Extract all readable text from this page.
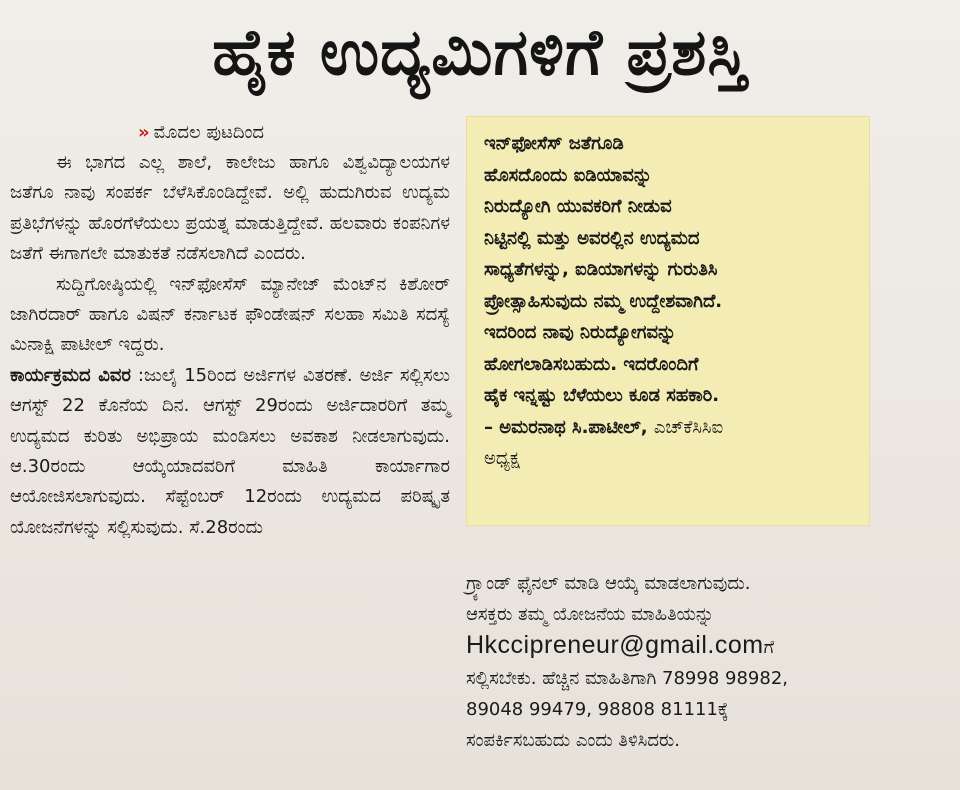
ಹೈಕ ಉದ್ಯಮಿಗಳಿಗೆ ಪ್ರಶಸ್ತಿ
» ಮೊದಲ ಪುಟದಿಂದ

ಈ ಭಾಗದ ಎಲ್ಲ ಶಾಲೆ, ಕಾಲೇಜು ಹಾಗೂ ವಿಶ್ವವಿದ್ಯಾಲಯಗಳ ಜತೆಗೂ ನಾವು ಸಂಪರ್ಕ ಬೆಳೆಸಿಕೊಂಡಿದ್ದೇವೆ. ಅಲ್ಲಿ ಹುದುಗಿರುವ ಉದ್ಯಮ ಪ್ರತಿಭೆಗಳನ್ನು ಹೊರಗೆಳೆಯಲು ಪ್ರಯತ್ನ ಮಾಡುತ್ತಿದ್ದೇವೆ. ಹಲವಾರು ಕಂಪನಿಗಳ ಜತೆಗೆ ಈಗಾಗಲೇ ಮಾತುಕತೆ ನಡೆಸಲಾಗಿದೆ ಎಂದರು.

ಸುದ್ದಿಗೋಷ್ಠಿಯಲ್ಲಿ ಇನ್‌ಫೋಸೆಸ್ ಮ್ಯಾನೇಜ್ ಮೆಂಟ್‌ನ ಕಿಶೋರ್ ಜಾಗಿರದಾರ್ ಹಾಗೂ ವಿಷನ್ ಕರ್ನಾಟಕ ಫೌಂಡೇಷನ್ ಸಲಹಾ ಸಮಿತಿ ಸದಸ್ಯೆ ಮಿನಾಕ್ಷಿ ಪಾಟೀಲ್ ಇದ್ದರು.

ಕಾರ್ಯಕ್ರಮದ ವಿವರ :ಜುಲೈ 15ರಿಂದ ಅರ್ಜಿಗಳ ವಿತರಣೆ. ಅರ್ಜಿ ಸಲ್ಲಿಸಲು ಆಗಸ್ಟ್ 22 ಕೊನೆಯ ದಿನ. ಆಗಸ್ಟ್ 29ರಂದು ಅರ್ಜಿದಾರರಿಗೆ ತಮ್ಮ ಉದ್ಯಮದ ಕುರಿತು ಅಭಿಪ್ರಾಯ ಮಂಡಿಸಲು ಅವಕಾಶ ನೀಡಲಾಗುವುದು. ಆ.30ರಂದು ಆಯ್ಕೆಯಾದವರಿಗೆ ಮಾಹಿತಿ ಕಾರ್ಯಾಗಾರ ಆಯೋಜಿಸಲಾಗುವುದು. ಸೆಪ್ಟೆಂಬರ್ 12ರಂದು ಉದ್ಯಮದ ಪರಿಷ್ಕೃತ ಯೋಜನೆಗಳನ್ನು ಸಲ್ಲಿಸುವುದು. ಸೆ.28ರಂದು

ಇನ್‌ಫೋಸೆಸ್ ಜತೆಗೂಡಿ
ಹೊಸದೊಂದು ಐಡಿಯಾವನ್ನು
ನಿರುದ್ಯೋಗಿ ಯುವಕರಿಗೆ ನೀಡುವ
ನಿಟ್ಟಿನಲ್ಲಿ ಮತ್ತು ಅವರಲ್ಲಿನ ಉದ್ಯಮದ
ಸಾಧ್ಯತೆಗಳನ್ನು, ಐಡಿಯಾಗಳನ್ನು ಗುರುತಿಸಿ
ಪ್ರೋತ್ಸಾಹಿಸುವುದು ನಮ್ಮ ಉದ್ದೇಶವಾಗಿದೆ.
ಇದರಿಂದ ನಾವು ನಿರುದ್ಯೋಗವನ್ನು
ಹೋಗಲಾಡಿಸಬಹುದು. ಇದರೊಂದಿಗೆ
ಹೈಕ ಇನ್ನಷ್ಟು ಬೆಳೆಯಲು ಕೂಡ ಸಹಕಾರಿ.
– ಅಮರನಾಥ ಸಿ.ಪಾಟೀಲ್, ಎಚ್‌ಕೆಸಿಸಿಐ
ಅಧ್ಯಕ್ಷ
ಗ್ರ್ಯಾಂಡ್ ಫೈನಲ್ ಮಾಡಿ ಆಯ್ಕೆ ಮಾಡಲಾಗುವುದು.
ಆಸಕ್ತರು ತಮ್ಮ ಯೋಜನೆಯ ಮಾಹಿತಿಯನ್ನು
Hkccipreneur@gmail.comಗೆ
ಸಲ್ಲಿಸಬೇಕು. ಹೆಚ್ಚಿನ ಮಾಹಿತಿಗಾಗಿ 78998 98982,
89048 99479, 98808 81111ಕ್ಕೆ
ಸಂಪರ್ಕಿಸಬಹುದು ಎಂದು ತಿಳಿಸಿದರು.
